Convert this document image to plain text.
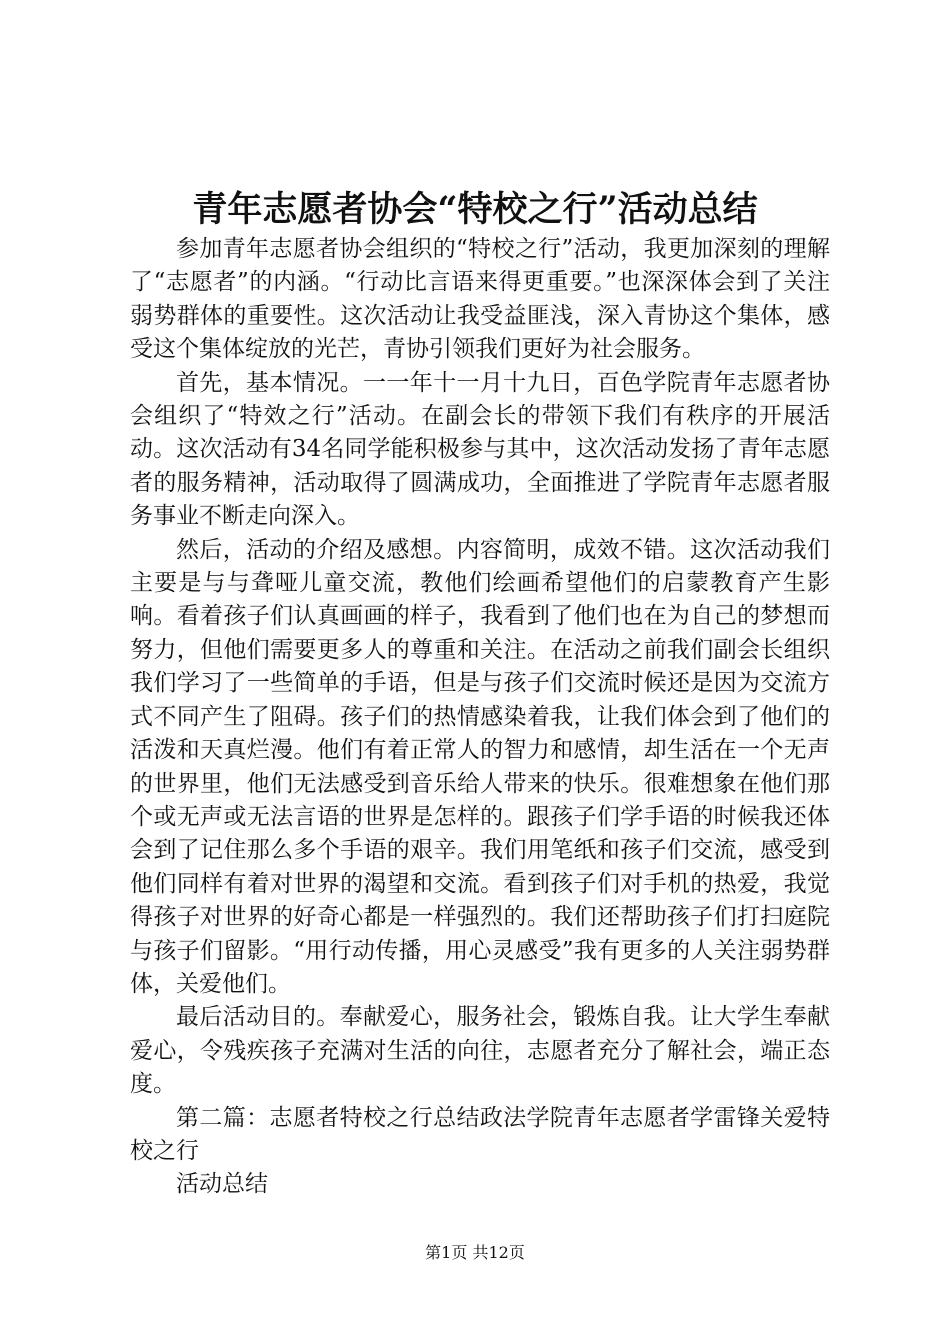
青年志愿者协会“特校之行”活动总结

参加青年志愿者协会组织的“特校之行”活动，我更加深刻的理解了“志愿者”的内涵。“行动比言语来得更重要。”也深深体会到了关注弱势群体的重要性。这次活动让我受益匪浅，深入青协这个集体，感受这个集体绽放的光芒，青协引领我们更好为社会服务。

首先，基本情况。一一年十一月十九日，百色学院青年志愿者协会组织了“特效之行”活动。在副会长的带领下我们有秩序的开展活动。这次活动有34名同学能积极参与其中，这次活动发扬了青年志愿者的服务精神，活动取得了圆满成功，全面推进了学院青年志愿者服务事业不断走向深入。

然后，活动的介绍及感想。内容简明，成效不错。这次活动我们主要是与与聋哑儿童交流，教他们绘画希望他们的启蒙教育产生影响。看着孩子们认真画画的样子，我看到了他们也在为自己的梦想而努力，但他们需要更多人的尊重和关注。在活动之前我们副会长组织我们学习了一些简单的手语，但是与孩子们交流时候还是因为交流方式不同产生了阻碍。孩子们的热情感染着我，让我们体会到了他们的活泼和天真烂漫。他们有着正常人的智力和感情，却生活在一个无声的世界里，他们无法感受到音乐给人带来的快乐。很难想象在他们那个或无声或无法言语的世界是怎样的。跟孩子们学手语的时候我还体会到了记住那么多个手语的艰辛。我们用笔纸和孩子们交流，感受到他们同样有着对世界的渴望和交流。看到孩子们对手机的热爱，我觉得孩子对世界的好奇心都是一样强烈的。我们还帮助孩子们打扫庭院与孩子们留影。“用行动传播，用心灵感受”我有更多的人关注弱势群体，关爱他们。

最后活动目的。奉献爱心，服务社会，锻炼自我。让大学生奉献爱心，令残疾孩子充满对生活的向往，志愿者充分了解社会，端正态度。

第二篇：志愿者特校之行总结政法学院青年志愿者学雷锋关爱特校之行

活动总结

第1页 共12页
